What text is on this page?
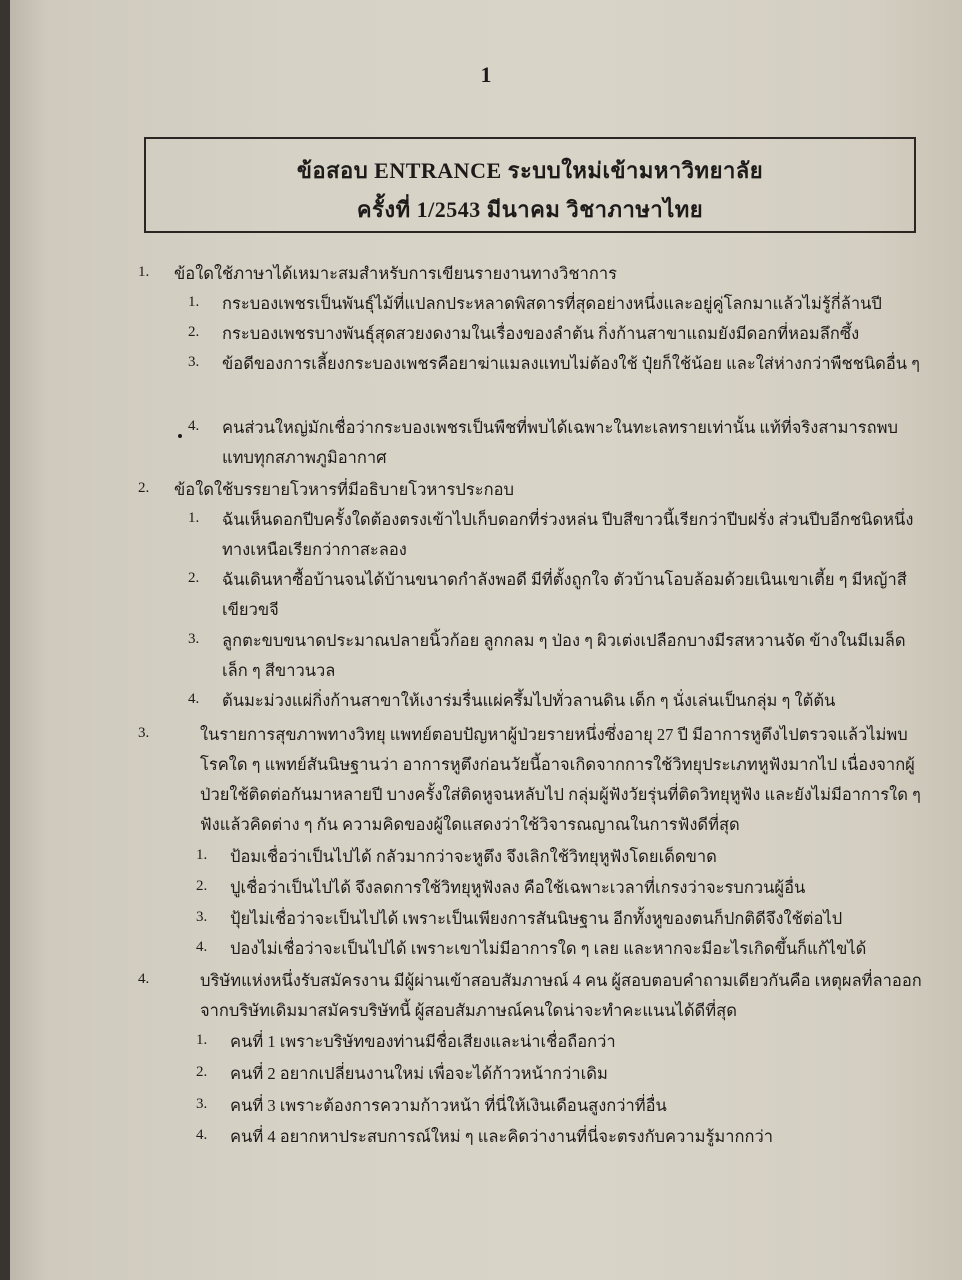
1
ข้อสอบ ENTRANCE ระบบใหม่เข้ามหาวิทยาลัย
ครั้งที่ 1/2543 มีนาคม วิชาภาษาไทย
1. ข้อใดใช้ภาษาได้เหมาะสมสำหรับการเขียนรายงานทางวิชาการ
1. กระบองเพชรเป็นพันธุ์ไม้ที่แปลกประหลาดพิสดารที่สุดอย่างหนึ่งและอยู่คู่โลกมาแล้วไม่รู้กี่ล้านปี
2. กระบองเพชรบางพันธุ์สุดสวยงดงามในเรื่องของลำต้น กิ่งก้านสาขาแถมยังมีดอกที่หอมลึกซึ้ง
3. ข้อดีของการเลี้ยงกระบองเพชรคือยาฆ่าแมลงแทบไม่ต้องใช้ ปุ๋ยก็ใช้น้อย และใส่ห่างกว่าพืชชนิดอื่น ๆ
4. คนส่วนใหญ่มักเชื่อว่ากระบองเพชรเป็นพืชที่พบได้เฉพาะในทะเลทรายเท่านั้น แท้ที่จริงสามารถพบแทบทุกสภาพภูมิอากาศ
2. ข้อใดใช้บรรยายโวหารที่มีอธิบายโวหารประกอบ
1. ฉันเห็นดอกปีบครั้งใดต้องตรงเข้าไปเก็บดอกที่ร่วงหล่น ปีบสีขาวนี้เรียกว่าปีบฝรั่ง ส่วนปีบอีกชนิดหนึ่งทางเหนือเรียกว่ากาสะลอง
2. ฉันเดินหาซื้อบ้านจนได้บ้านขนาดกำลังพอดี มีที่ตั้งถูกใจ ตัวบ้านโอบล้อมด้วยเนินเขาเตี้ย ๆ มีหญ้าสีเขียวขจี
3. ลูกตะขบขนาดประมาณปลายนิ้วก้อย ลูกกลม ๆ ป่อง ๆ ผิวเต่งเปลือกบางมีรสหวานจัด ข้างในมีเมล็ดเล็ก ๆ สีขาวนวล
4. ต้นมะม่วงแผ่กิ่งก้านสาขาให้เงาร่มรื่นแผ่ครึ้มไปทั่วลานดิน เด็ก ๆ นั่งเล่นเป็นกลุ่ม ๆ ใต้ต้น
3.	ในรายการสุขภาพทางวิทยุ แพทย์ตอบปัญหาผู้ป่วยรายหนึ่งซึ่งอายุ 27 ปี มีอาการหูตึงไปตรวจแล้วไม่พบโรคใด ๆ แพทย์สันนิษฐานว่า อาการหูตึงก่อนวัยนี้อาจเกิดจากการใช้วิทยุประเภทหูฟังมากไป เนื่องจากผู้ป่วยใช้ติดต่อกันมาหลายปี บางครั้งใส่ติดหูจนหลับไป กลุ่มผู้ฟังวัยรุ่นที่ติดวิทยุหูฟัง และยังไม่มีอาการใด ๆ ฟังแล้วคิดต่าง ๆ กัน ความคิดของผู้ใดแสดงว่าใช้วิจารณญาณในการฟังดีที่สุด
1. ป้อมเชื่อว่าเป็นไปได้ กลัวมากว่าจะหูตึง จึงเลิกใช้วิทยุหูฟังโดยเด็ดขาด
2. ปูเชื่อว่าเป็นไปได้ จึงลดการใช้วิทยุหูฟังลง คือใช้เฉพาะเวลาที่เกรงว่าจะรบกวนผู้อื่น
3. ปุ้ยไม่เชื่อว่าจะเป็นไปได้ เพราะเป็นเพียงการสันนิษฐาน อีกทั้งหูของตนก็ปกติดีจึงใช้ต่อไป
4. ปองไม่เชื่อว่าจะเป็นไปได้ เพราะเขาไม่มีอาการใด ๆ เลย และหากจะมีอะไรเกิดขึ้นก็แก้ไขได้
4.	บริษัทแห่งหนึ่งรับสมัครงาน มีผู้ผ่านเข้าสอบสัมภาษณ์ 4 คน ผู้สอบตอบคำถามเดียวกันคือ เหตุผลที่ลาออกจากบริษัทเดิมมาสมัครบริษัทนี้ ผู้สอบสัมภาษณ์คนใดน่าจะทำคะแนนได้ดีที่สุด
1. คนที่ 1 เพราะบริษัทของท่านมีชื่อเสียงและน่าเชื่อถือกว่า
2. คนที่ 2 อยากเปลี่ยนงานใหม่ เพื่อจะได้ก้าวหน้ากว่าเดิม
3. คนที่ 3 เพราะต้องการความก้าวหน้า ที่นี่ให้เงินเดือนสูงกว่าที่อื่น
4. คนที่ 4 อยากหาประสบการณ์ใหม่ ๆ และคิดว่างานที่นี่จะตรงกับความรู้มากกว่า
